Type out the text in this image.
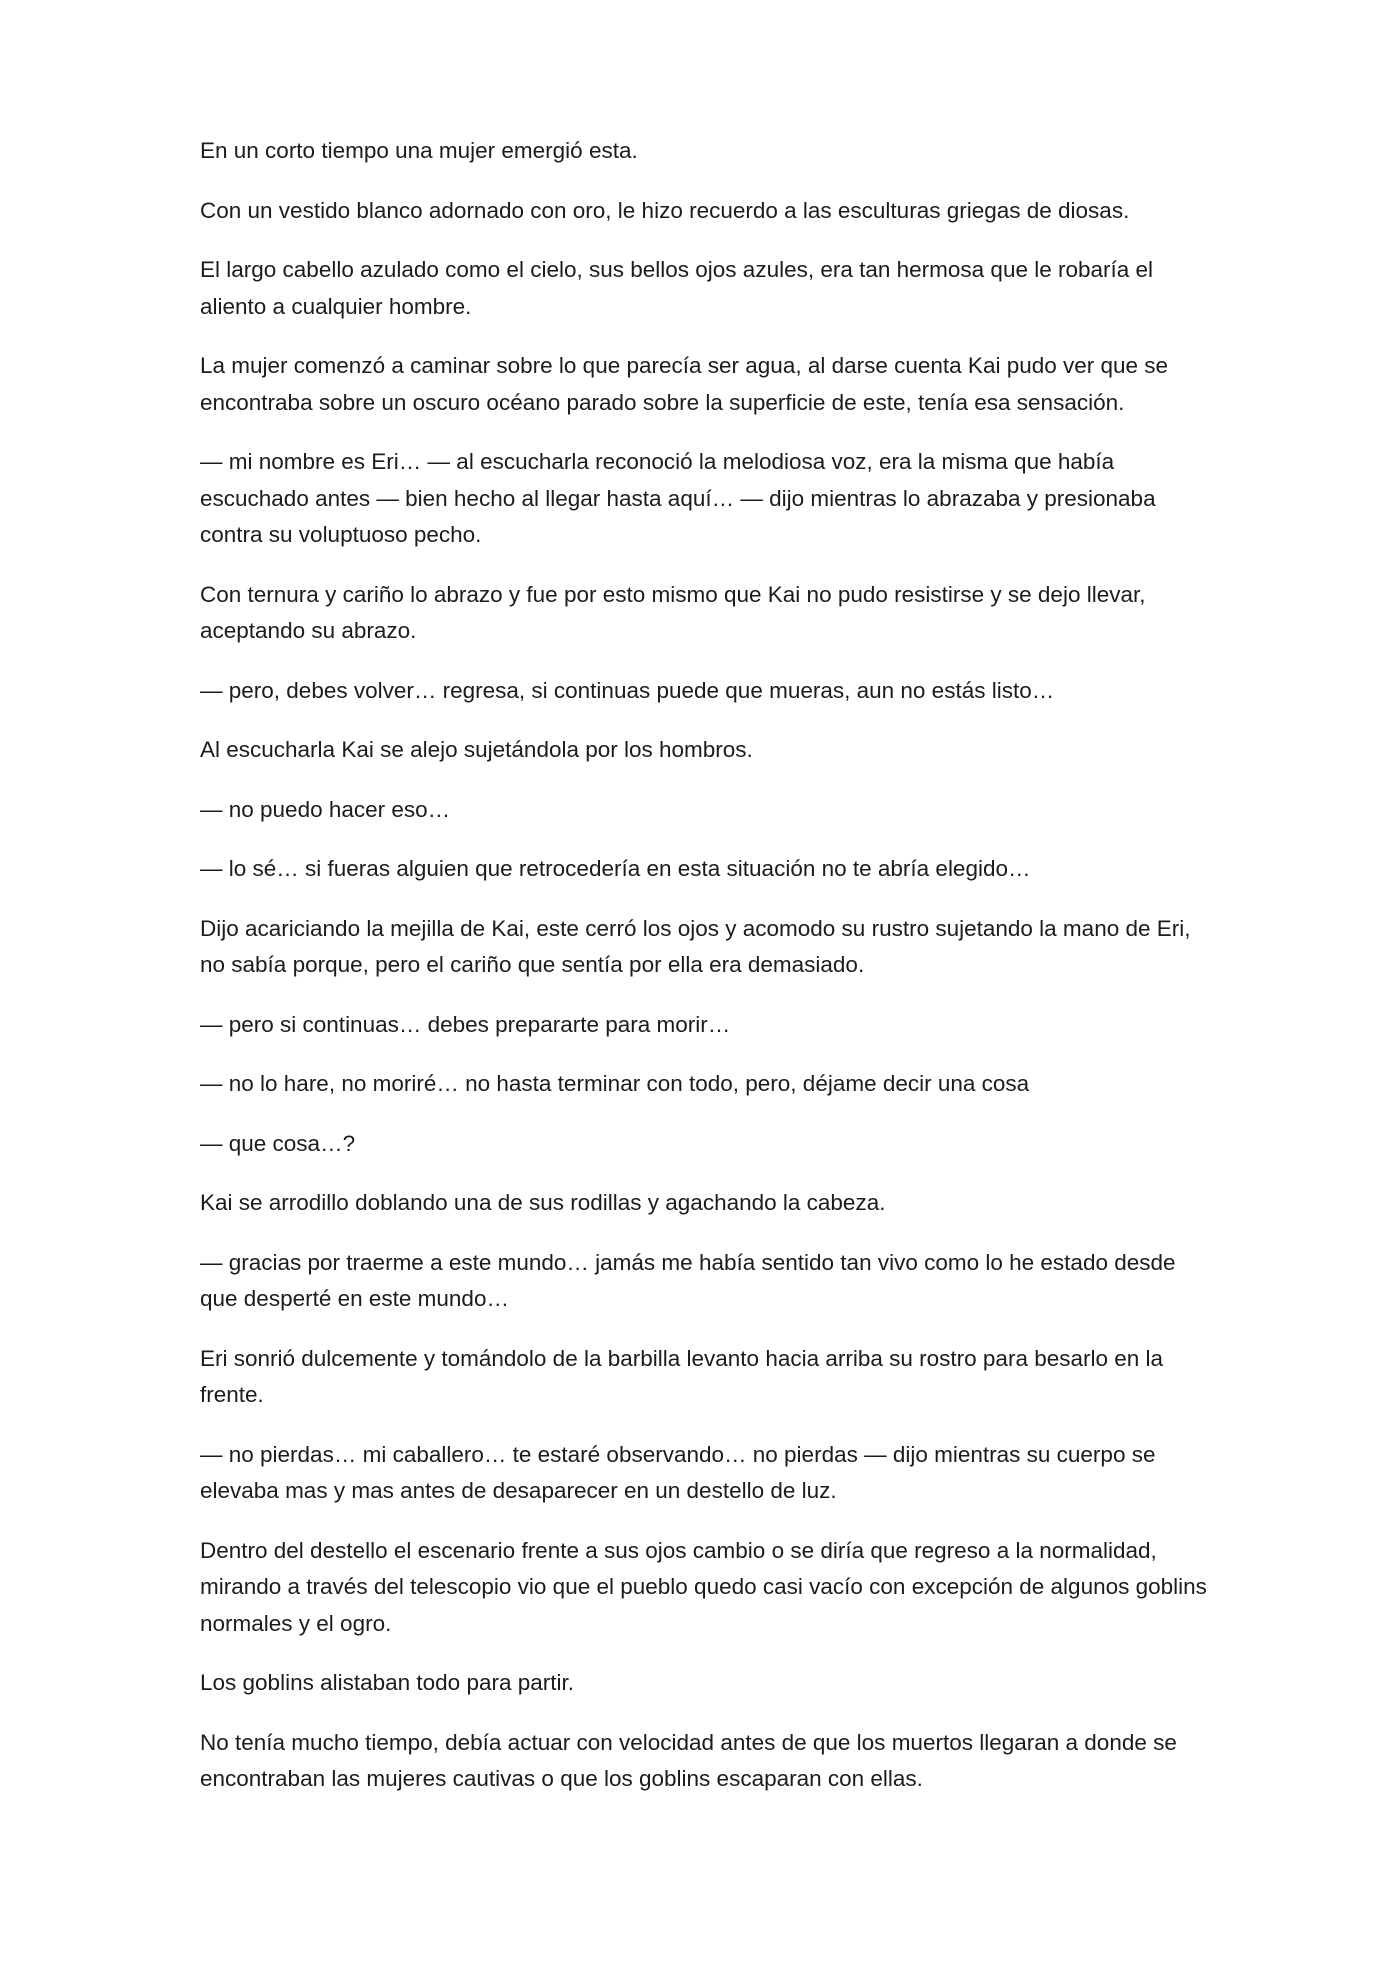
En un corto tiempo una mujer emergió esta.

Con un vestido blanco adornado con oro, le hizo recuerdo a las esculturas griegas de diosas.

El largo cabello azulado como el cielo, sus bellos ojos azules, era tan hermosa que le robaría el aliento a cualquier hombre.

La mujer comenzó a caminar sobre lo que parecía ser agua, al darse cuenta Kai pudo ver que se encontraba sobre un oscuro océano parado sobre la superficie de este, tenía esa sensación.

— mi nombre es Eri… — al escucharla reconoció la melodiosa voz, era la misma que había escuchado antes — bien hecho al llegar hasta aquí… — dijo mientras lo abrazaba y presionaba contra su voluptuoso pecho.

Con ternura y cariño lo abrazo y fue por esto mismo que Kai no pudo resistirse y se dejo llevar, aceptando su abrazo.

— pero, debes volver… regresa, si continuas puede que mueras, aun no estás listo…

Al escucharla Kai se alejo sujetándola por los hombros.

— no puedo hacer eso…

— lo sé… si fueras alguien que retrocedería en esta situación no te abría elegido…

Dijo acariciando la mejilla de Kai, este cerró los ojos y acomodo su rustro sujetando la mano de Eri, no sabía porque, pero el cariño que sentía por ella era demasiado.

— pero si continuas… debes prepararte para morir…

— no lo hare, no moriré… no hasta terminar con todo, pero, déjame decir una cosa

— que cosa…?

Kai se arrodillo doblando una de sus rodillas y agachando la cabeza.

— gracias por traerme a este mundo… jamás me había sentido tan vivo como lo he estado desde que desperté en este mundo…

Eri sonrió dulcemente y tomándolo de la barbilla levanto hacia arriba su rostro para besarlo en la frente.

— no pierdas… mi caballero… te estaré observando… no pierdas — dijo mientras su cuerpo se elevaba mas y mas antes de desaparecer en un destello de luz.

Dentro del destello el escenario frente a sus ojos cambio o se diría que regreso a la normalidad, mirando a través del telescopio vio que el pueblo quedo casi vacío con excepción de algunos goblins normales y el ogro.

Los goblins alistaban todo para partir.

No tenía mucho tiempo, debía actuar con velocidad antes de que los muertos llegaran a donde se encontraban las mujeres cautivas o que los goblins escaparan con ellas.
